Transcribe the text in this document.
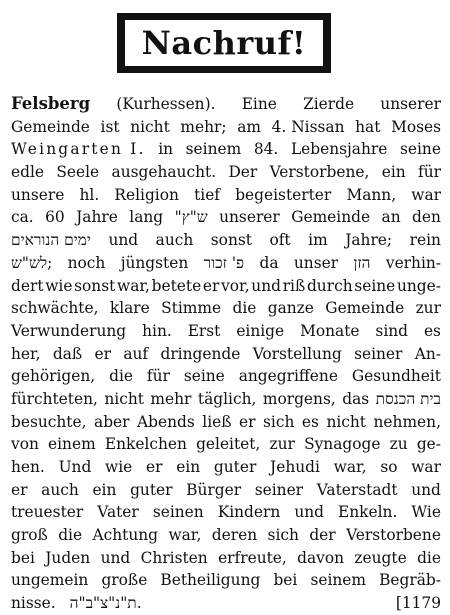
Nachruf!
Felsberg (Kurhessen). Eine Zierde unserer
Gemeinde ist nicht mehr; am 4. Nissan hat Moses
Weingarten I. in seinem 84. Lebensjahre seine
edle Seele ausgehaucht. Der Verstorbene, ein für
unsere hl. Religion tief begeisterter Mann, war
ca. 60 Jahre lang "ש"ץ unserer Gemeinde an den
ימים הנוראים und auch sonst oft im Jahre; rein
לש"ש; noch jüngsten פ' זכור da unser הזן verhin-
dert wie sonst war, betete er vor, und riß durch seine unge-
schwächte, klare Stimme die ganze Gemeinde zur
Verwunderung hin. Erst einige Monate sind es
her, daß er auf dringende Vorstellung seiner An-
gehörigen, die für seine angegriffene Gesundheit
fürchteten, nicht mehr täglich, morgens, das בית הכנסת
besuchte, aber Abends ließ er sich es nicht nehmen,
von einem Enkelchen geleitet, zur Synagoge zu ge-
hen. Und wie er ein guter Jehudi war, so war
er auch ein guter Bürger seiner Vaterstadt und
treuester Vater seinen Kindern und Enkeln. Wie
groß die Achtung war, deren sich der Verstorbene
bei Juden und Christen erfreute, davon zeugte die
ungemein große Betheiligung bei seinem Begräb-
nisse. ת"נ"צ"ב"ה.	[1179
